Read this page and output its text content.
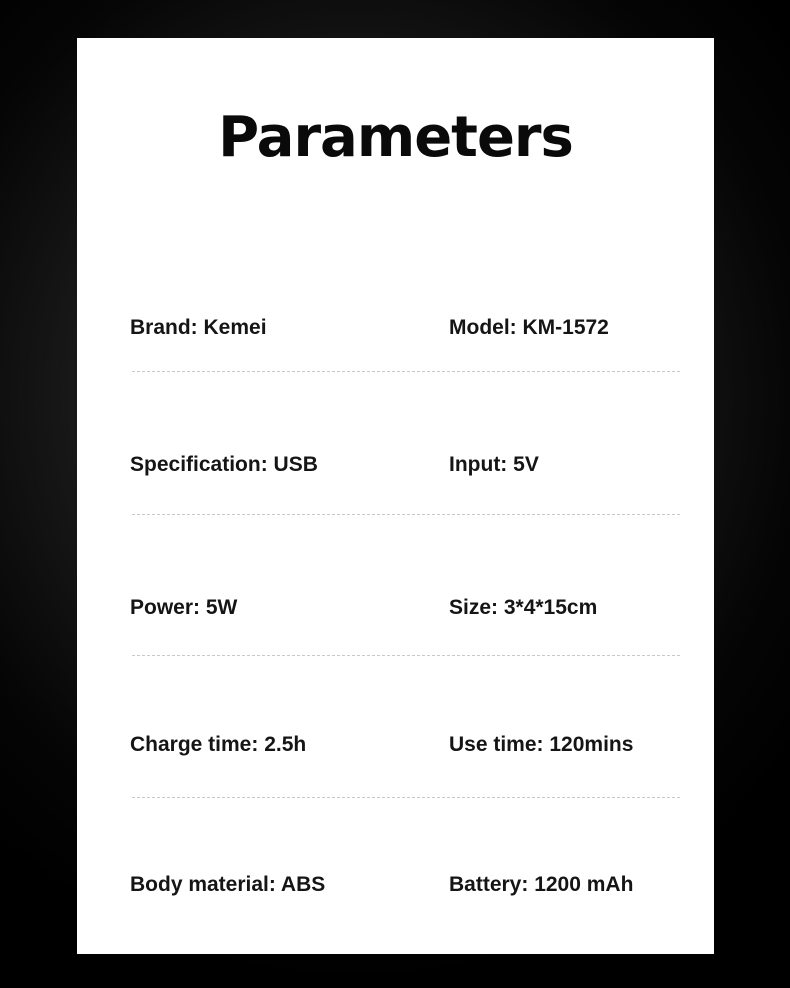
Parameters
Brand: Kemei	Model: KM-1572
Specification: USB	Input: 5V
Power: 5W	Size: 3*4*15cm
Charge time: 2.5h	Use time: 120mins
Body material: ABS	Battery: 1200 mAh
